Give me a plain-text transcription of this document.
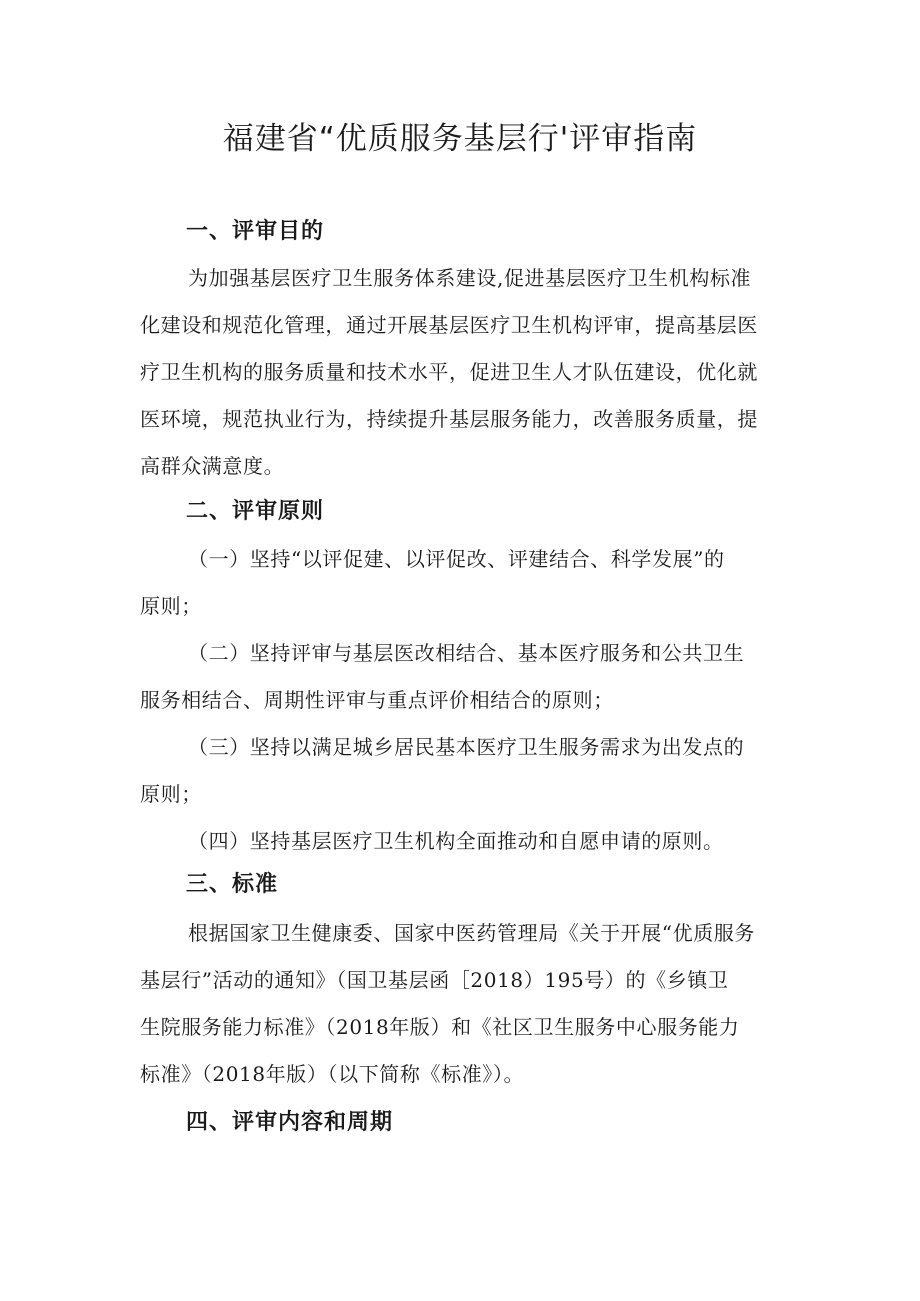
福建省“优质服务基层行'评审指南
一、评审目的

为加强基层医疗卫生服务体系建设,促进基层医疗卫生机构标准

化建设和规范化管理，通过开展基层医疗卫生机构评审，提高基层医

疗卫生机构的服务质量和技术水平，促进卫生人才队伍建设，优化就

医环境，规范执业行为，持续提升基层服务能力，改善服务质量，提

高群众满意度。

二、评审原则

（一）坚持“以评促建、以评促改、评建结合、科学发展”的

原则；

（二）坚持评审与基层医改相结合、基本医疗服务和公共卫生

服务相结合、周期性评审与重点评价相结合的原则；

（三）坚持以满足城乡居民基本医疗卫生服务需求为出发点的

原则；

（四）坚持基层医疗卫生机构全面推动和自愿申请的原则。

三、标准

根据国家卫生健康委、国家中医药管理局《关于开展“优质服务

基层行”活动的通知》（国卫基层函［2018）195号）的《乡镇卫

生院服务能力标准》（2018年版）和《社区卫生服务中心服务能力

标准》（2018年版）（以下简称《标准》）。

四、评审内容和周期
